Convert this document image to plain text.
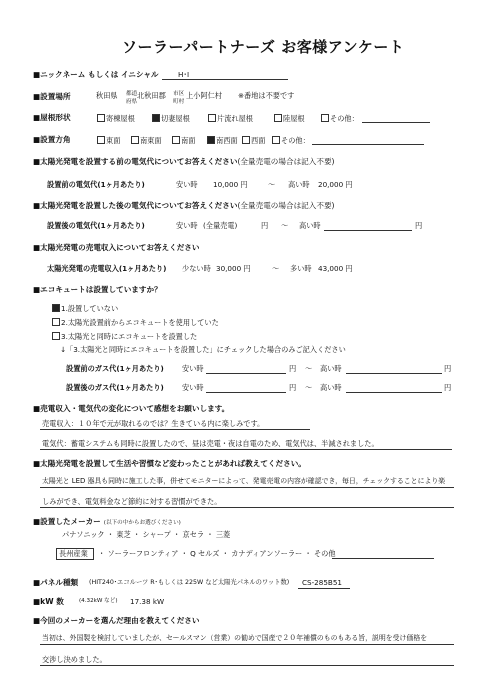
ソーラーパートナーズ お客様アンケート
■ニックネーム もしくは イニシャル	H･I
■設置場所	秋田県 都道
府県
北秋田郡 市区
町村
上小阿仁村 ※番地は不要です
■屋根形状	寄棟屋根	切妻屋根	片流れ屋根	陸屋根	その他：
■設置方角	東面	南東面	南面	南西面	西面	その他：
■太陽光発電を設置する前の電気代についてお答えください(全量売電の場合は記入不要)
設置前の電気代(1ヶ月あたり)	安い時 10,000 円	～ 高い時 20,000 円
■太陽光発電を設置した後の電気代についてお答えください(全量売電の場合は記入不要)
設置後の電気代(1ヶ月あたり)	安い時 (全量売電)	円 ～ 高い時	円
■太陽光発電の売電収入についてお答えください
太陽光発電の売電収入(1ヶ月あたり) 少ない時 30,000 円	～ 多い時 43,000 円
■エコキュートは設置していますか？
1.設置していない
2.太陽光設置前からエコキュートを使用していた
3.太陽光と同時にエコキュートを設置した
↓「3.太陽光と同時にエコキュートを設置した」にチェックした場合のみご記入ください
設置前のガス代(1ヶ月あたり)	安い時	円 ～ 高い時	円
設置後のガス代(1ヶ月あたり)	安い時	円 ～ 高い時	円
■売電収入・電気代の変化について感想をお願いします。
売電収入：１０年で元が取れるのでは？生きている内に楽しみです。
電気代：蓄電システムも同時に設置したので、昼は売電・夜は自電のため、電気代は、半減されました。
■太陽光発電を設置して生活や習慣など変わったことがあれば教えてください。
太陽光と LED 器具も同時に施工した事，併せてモニターによって、発電売電の内容が確認でき，毎日，チェックすることにより楽
しみができ、電気料金など節約に対する習慣ができた。
■設置したメーカー (以下の中からお選びください)
パナソニック ・ 東芝 ・ シャープ ・ 京セラ ・ 三菱
長州産業 ・ ソーラーフロンティア ・ Q セルズ ・ カナディアンソーラー ・ その他
■パネル種類 (HIT240･エコルーツ R･もしくは 225W など太陽光パネルのワット数) CS-285B51
■kW 数	(4.32kW など) 17.38 kW
■今回のメーカーを選んだ理由を教えてください
当初は、外国製を検討していましたが、セールスマン（営業）の勧めで国産で２０年補償のものもある旨，説明を受け価格を
交渉し決めました。
